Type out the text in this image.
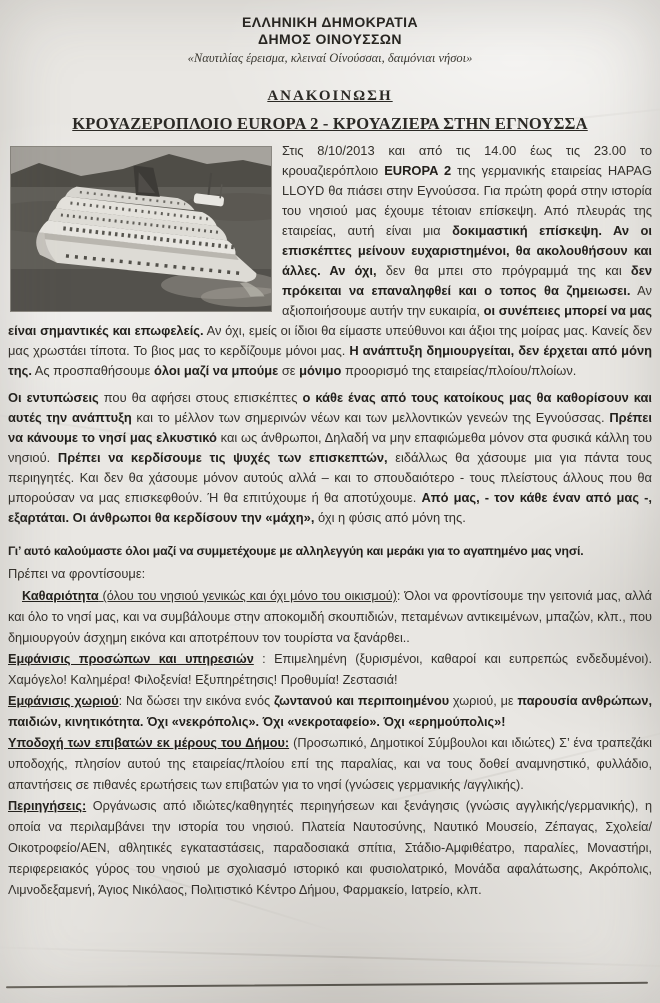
ΕΛΛΗΝΙΚΗ ΔΗΜΟΚΡΑΤΙΑ
ΔΗΜΟΣ ΟΙΝΟΥΣΣΩΝ
«Ναυτιλίας έρεισμα, κλειναί Οίνούσσαι, δαιμόνιαι νήσοι»
ΑΝΑΚΟΙΝΩΣΗ
ΚΡΟΥΑΖΕΡΟΠΛΟΙΟ EUROPA 2 - ΚΡΟΥΑΖΙΕΡΑ ΣΤΗΝ ΕΓΝΟΥΣΣΑ

Στις 8/10/2013 και από τις 14.00 έως τις 23.00 το κρουαζιερόπλοιο EUROPA 2 της γερμανικής εταιρείας HAPAG LLOYD θα πιάσει στην Εγνούσσα. Για πρώτη φορά στην ιστορία του νησιού μας έχουμε τέτοιαν επίσκεψη. Από πλευράς της εταιρείας, αυτή είναι μια δοκιμαστική επίσκεψη. Αν οι επισκέπτες μείνουν ευχαριστημένοι, θα ακολουθήσουν και άλλες. Αν όχι, δεν θα μπει στο πρόγραμμά της και δεν πρόκειται να επαναληφθεί και ο τοπος θα ζημειωσει. Αν αξιοποιήσουμε αυτήν την ευκαιρία, οι συνέπειες μπορεί να μας είναι σημαντικές και επωφελείς. Αν όχι, εμείς οι ίδιοι θα είμαστε υπεύθυνοι και άξιοι της μοίρας μας. Κανείς δεν μας χρωστάει τίποτα. Το βιος μας το κερδίζουμε μόνοι μας. Η ανάπτυξη δημιουργείται, δεν έρχεται από μόνη της. Ας προσπαθήσουμε όλοι μαζί να μπούμε σε μόνιμο προορισμό της εταιρείας/πλοίου/πλοίων.

Οι εντυπώσεις που θα αφήσει στους επισκέπτες ο κάθε ένας από τους κατοίκους μας θα καθορίσουν και αυτές την ανάπτυξη και το μέλλον των σημερινών νέων και των μελλοντικών γενεών της Εγνούσσας. Πρέπει να κάνουμε το νησί μας ελκυστικό και ως άνθρωποι, Δηλαδή να μην επαφιώμεθα μόνον στα φυσικά κάλλη του νησιού. Πρέπει να κερδίσουμε τις ψυχές των επισκεπτών, ειδάλλως θα χάσουμε μια για πάντα τους περιηγητές. Και δεν θα χάσουμε μόνον αυτούς αλλά – και το σπουδαιότερο - τους πλείστους άλλους που θα μπορούσαν να μας επισκεφθούν. Ή θα επιτύχουμε ή θα αποτύχουμε. Από μας, - τον κάθε έναν από μας -, εξαρτάται. Οι άνθρωποι θα κερδίσουν την «μάχη», όχι η φύσις από μόνη της.

Γι’ αυτό καλούμαστε όλοι μαζί να συμμετέχουμε με αλληλεγγύη και μεράκι για το αγαπημένο μας νησί.

Πρέπει να φροντίσουμε:

Καθαριότητα (όλου του νησιού γενικώς και όχι μόνο του οικισμού): Όλοι να φροντίσουμε την γειτονιά μας, αλλά και όλο το νησί μας, και να συμβάλουμε στην αποκομιδή σκουπιδιών, πεταμένων αντικειμένων, μπαζών, κλπ., που δημιουργούν άσχημη εικόνα και αποτρέπουν τον τουρίστα να ξανάρθει..

Εμφάνισις προσώπων και υπηρεσιών : Επιμελημένη (ξυρισμένοι, καθαροί και ευπρεπώς ενδεδυμένοι). Χαμόγελο! Καλημέρα! Φιλοξενία! Εξυπηρέτησις! Προθυμία! Ζεστασιά!

Εμφάνισις χωριού: Να δώσει την εικόνα ενός ζωντανού και περιποιημένου χωριού, με παρουσία ανθρώπων, παιδιών, κινητικότητα. Όχι «νεκρόπολις». Όχι «νεκροταφείο». Όχι «ερημούπολις»!

Υποδοχή των επιβατών εκ μέρους του Δήμου: (Προσωπικό, Δημοτικοί Σύμβουλοι και ιδιώτες) Σ’ ένα τραπεζάκι υποδοχής, πλησίον αυτού της εταιρείας/πλοίου επί της παραλίας, και να τους δοθεί αναμνηστικό, φυλλάδιο, απαντήσεις σε πιθανές ερωτήσεις των επιβατών για το νησί (γνώσεις γερμανικής /αγγλικής).

Περιηγήσεις: Οργάνωσις από ιδιώτες/καθηγητές περιηγήσεων και ξενάγησις (γνώσις αγγλικής/γερμανικής), η οποία να περιλαμβάνει την ιστορία του νησιού. Πλατεία Ναυτοσύνης, Ναυτικό Μουσείο, Ζέπαγας, Σχολεία/Οικοτροφείο/ΑΕΝ, αθλητικές εγκαταστάσεις, παραδοσιακά σπίτια, Στάδιο-Αμφιθέατρο, παραλίες, Μοναστήρι, περιφερειακός γύρος του νησιού με σχολιασμό ιστορικό και φυσιολατρικό, Μονάδα αφαλάτωσης, Ακρόπολις, Λιμνοδεξαμενή, Άγιος Νικόλαος, Πολιτιστικό Κέντρο Δήμου, Φαρμακείο, Ιατρείο, κλπ.
